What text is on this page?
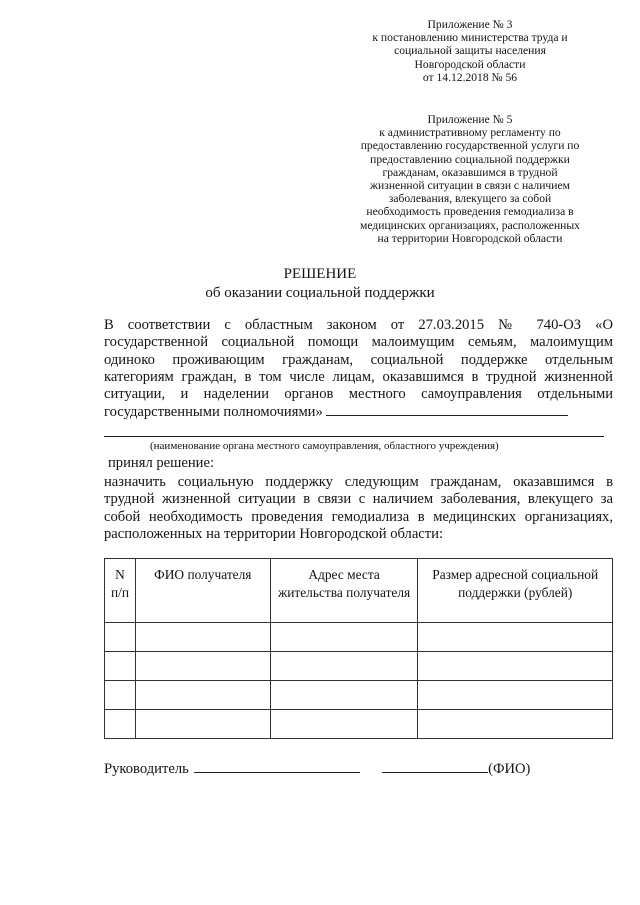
Приложение № 3
к постановлению министерства труда и
социальной защиты населения
Новгородской области
от 14.12.2018 № 56
Приложение № 5
к административному регламенту по
предоставлению государственной услуги по
предоставлению социальной поддержки
гражданам, оказавшимся в трудной
жизненной ситуации в связи с наличием
заболевания, влекущего за собой
необходимость проведения гемодиализа в
медицинских организациях, расположенных
на территории Новгородской области
РЕШЕНИЕ
об оказании социальной поддержки
В соответствии с областным законом от 27.03.2015 № 740-ОЗ «О
государственной социальной помощи малоимущим семьям, малоимущим
одиноко проживающим гражданам, социальной поддержке отдельным
категориям граждан, в том числе лицам, оказавшимся в трудной жизненной
ситуации, и наделении органов местного самоуправления отдельными
государственными полномочиями»
(наименование органа местного самоуправления, областного учреждения)
принял решение:
назначить социальную поддержку следующим гражданам, оказавшимся в
трудной жизненной ситуации в связи с наличием заболевания, влекущего за
собой необходимость проведения гемодиализа в медицинских организациях,
расположенных на территории Новгородской области:
N п/п	ФИО получателя	Адрес места жительства получателя	Размер адресной социальной поддержки (рублей)

Руководитель	(ФИО)
